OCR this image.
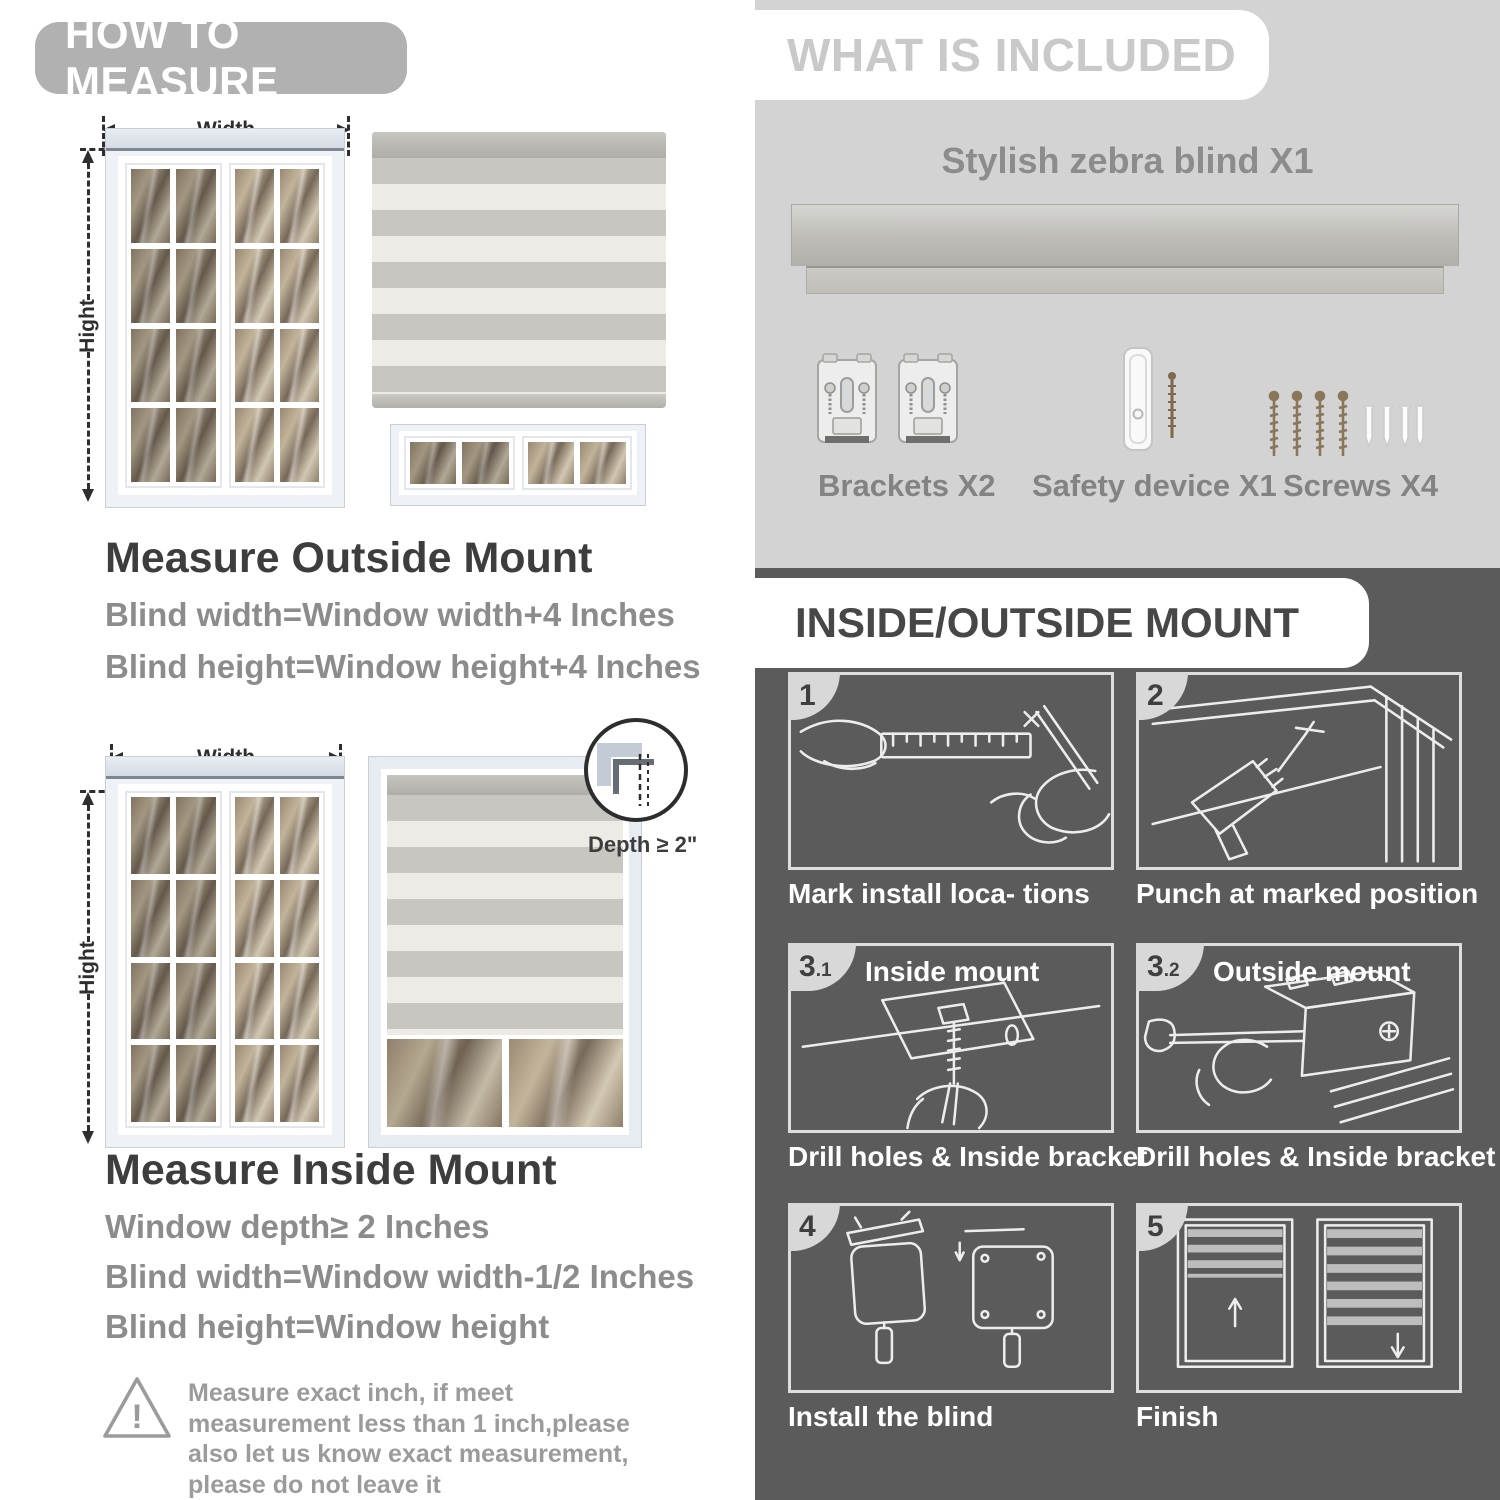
HOW TO MEASURE
Hight
Measure Outside Mount
Blind width=Window width+4 Inches
Blind height=Window height+4 Inches
Hight
Depth ≥ 2"
Measure Inside Mount
Window depth≥ 2 Inches
Blind width=Window width-1/2 Inches
Blind height=Window height
!
Measure exact inch, if meet measurement less than 1 inch,please also let us know exact measurement, please do not leave it
WHAT IS INCLUDED
Stylish zebra blind X1
Brackets X2 Safety device X1 Screws X4
INSIDE/OUTSIDE MOUNT
1
Mark install loca- tions
2
Punch at marked position
3 .1 Inside mount
Drill holes & Inside bracket
3 .2 Outside mount
Drill holes & Inside bracket
4
Install the blind
5
Finish
